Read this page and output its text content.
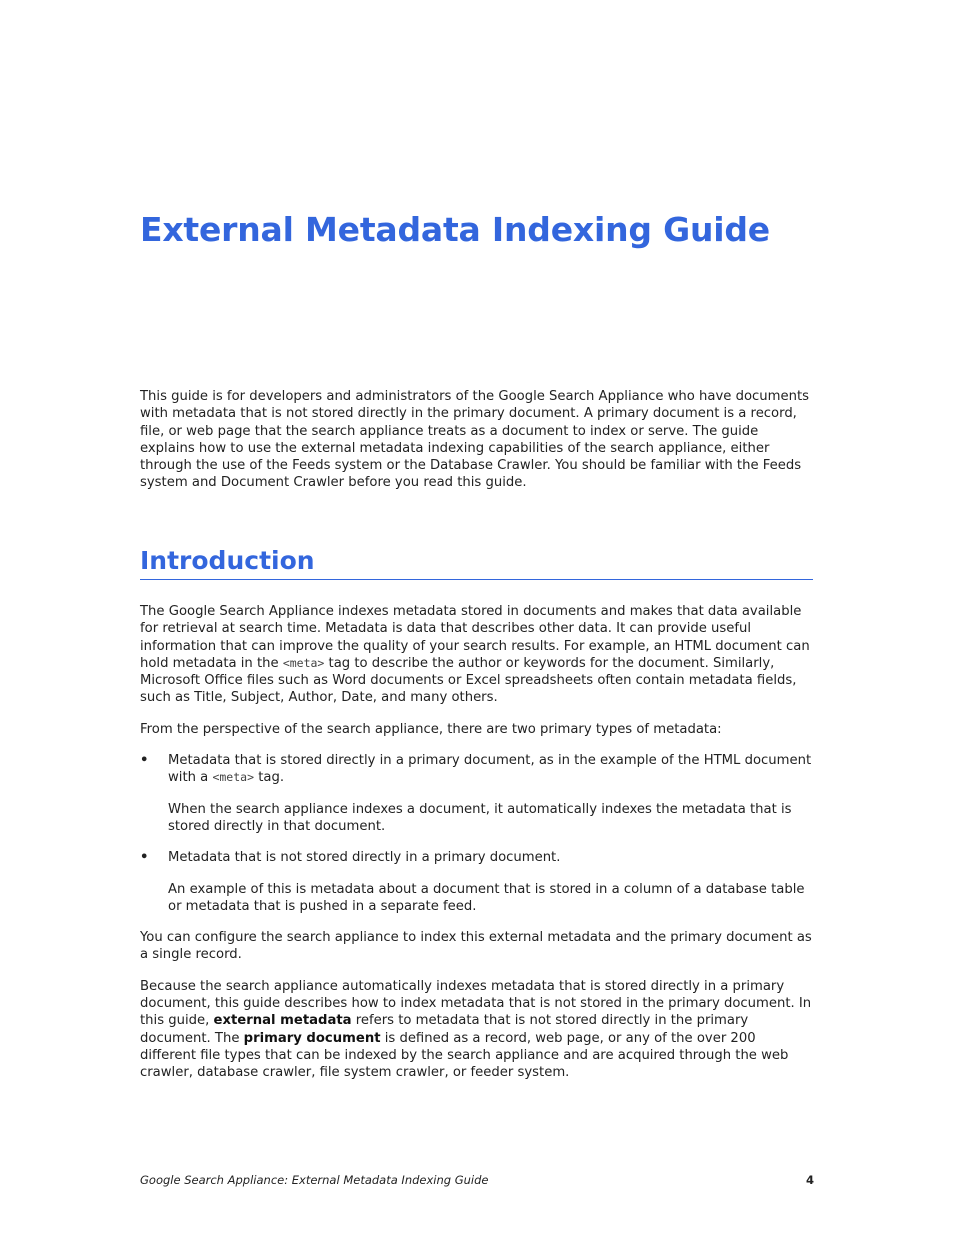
External Metadata Indexing Guide

This guide is for developers and administrators of the Google Search Appliance who have documents with metadata that is not stored directly in the primary document. A primary document is a record, file, or web page that the search appliance treats as a document to index or serve. The guide explains how to use the external metadata indexing capabilities of the search appliance, either through the use of the Feeds system or the Database Crawler. You should be familiar with the Feeds system and Document Crawler before you read this guide.

Introduction

The Google Search Appliance indexes metadata stored in documents and makes that data available for retrieval at search time. Metadata is data that describes other data. It can provide useful information that can improve the quality of your search results. For example, an HTML document can hold metadata in the <meta> tag to describe the author or keywords for the document. Similarly, Microsoft Office files such as Word documents or Excel spreadsheets often contain metadata fields, such as Title, Subject, Author, Date, and many others.

From the perspective of the search appliance, there are two primary types of metadata:

• Metadata that is stored directly in a primary document, as in the example of the HTML document with a <meta> tag.

When the search appliance indexes a document, it automatically indexes the metadata that is stored directly in that document.

• Metadata that is not stored directly in a primary document.

An example of this is metadata about a document that is stored in a column of a database table or metadata that is pushed in a separate feed.

You can configure the search appliance to index this external metadata and the primary document as a single record.

Because the search appliance automatically indexes metadata that is stored directly in a primary document, this guide describes how to index metadata that is not stored in the primary document. In this guide, external metadata refers to metadata that is not stored directly in the primary document. The primary document is defined as a record, web page, or any of the over 200 different file types that can be indexed by the search appliance and are acquired through the web crawler, database crawler, file system crawler, or feeder system.

Google Search Appliance: External Metadata Indexing Guide	4
